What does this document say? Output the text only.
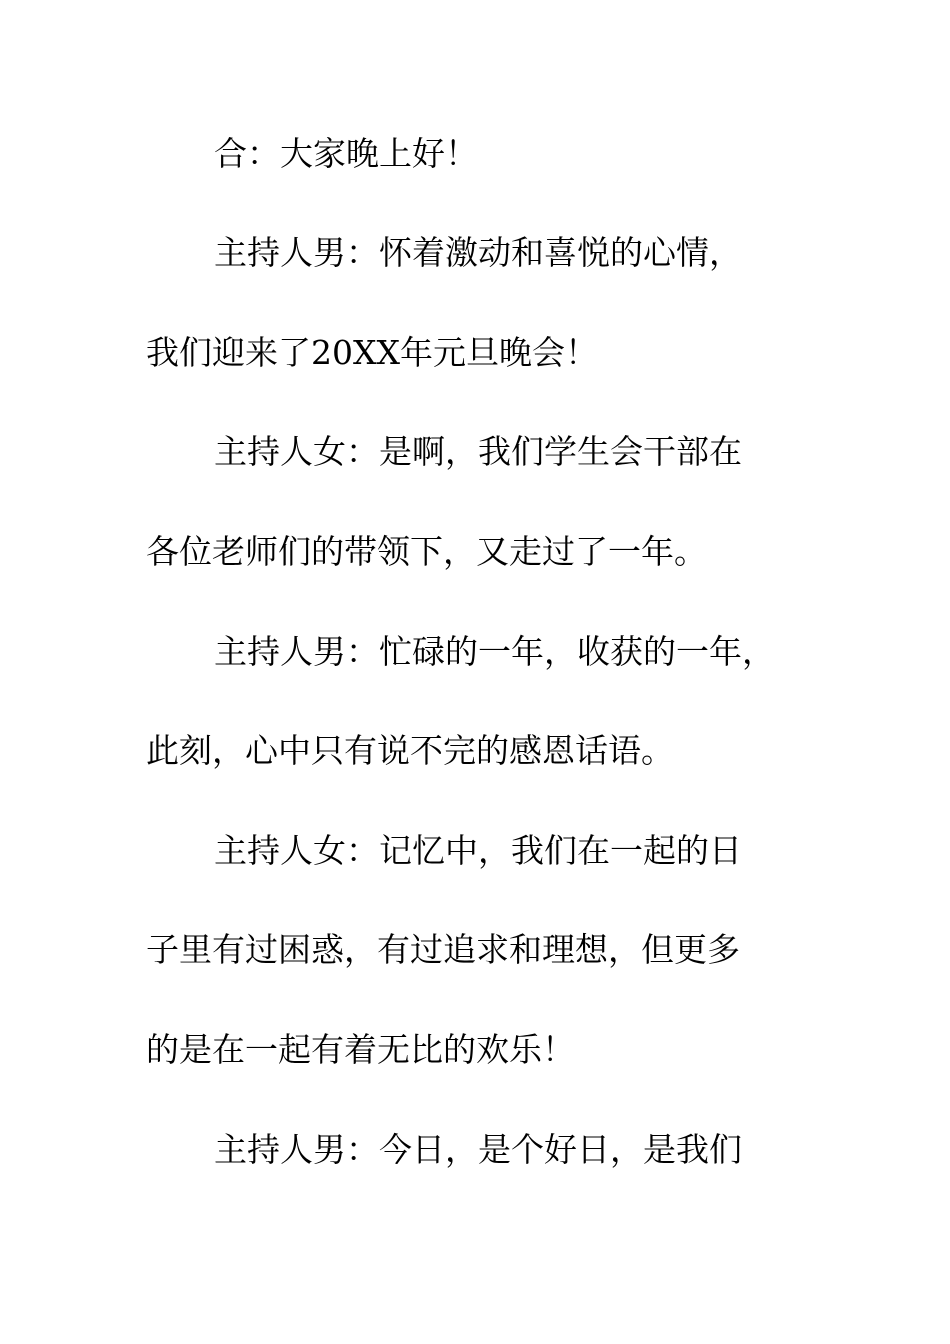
合：大家晚上好！
主持人男：怀着激动和喜悦的心情，
我们迎来了20XX年元旦晚会！
主持人女：是啊，我们学生会干部在
各位老师们的带领下，又走过了一年。
主持人男：忙碌的一年，收获的一年，
此刻，心中只有说不完的感恩话语。
主持人女：记忆中，我们在一起的日
子里有过困惑，有过追求和理想，但更多
的是在一起有着无比的欢乐！
主持人男：今日，是个好日，是我们
